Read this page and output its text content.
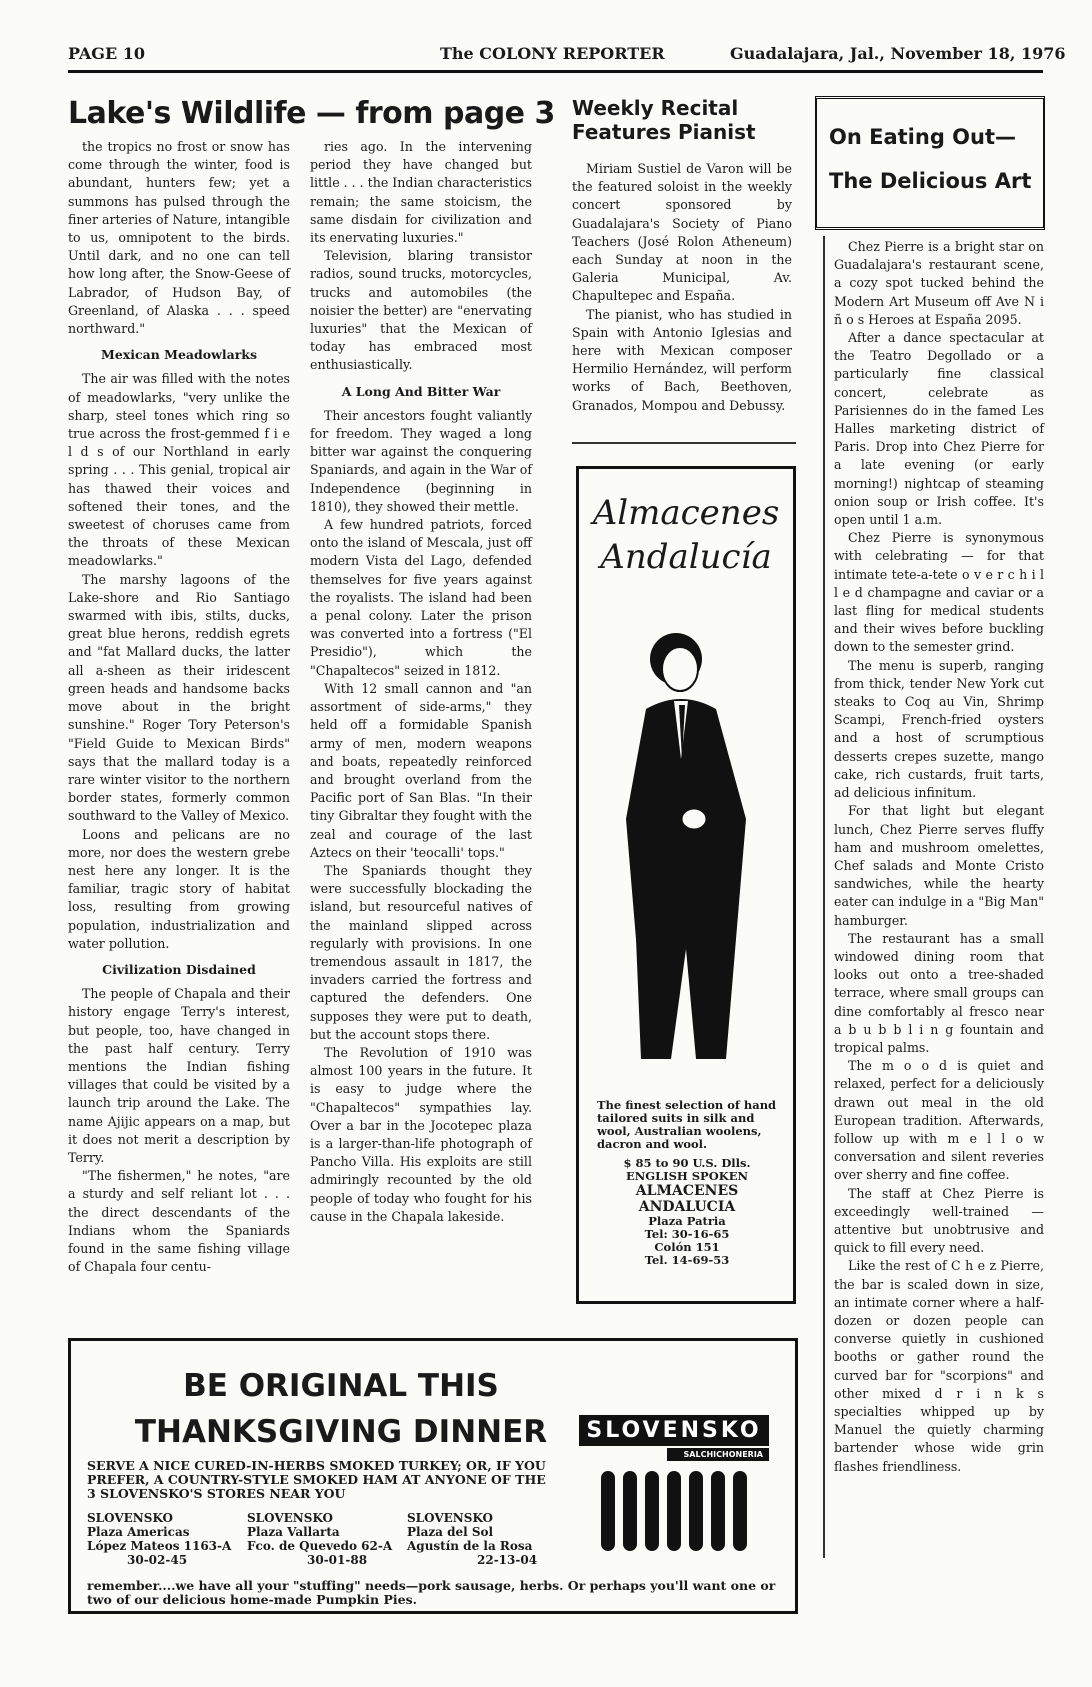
PAGE 10	The COLONY REPORTER	Guadalajara, Jal., November 18, 1976
Lake's Wildlife — from page 3

the tropics no frost or snow has come through the winter, food is abundant, hunters few; yet a summons has pulsed through the finer arteries of Nature, intangible to us, omnipotent to the birds. Until dark, and no one can tell how long after, the Snow-Geese of Labrador, of Hudson Bay, of Greenland, of Alaska . . . speed northward."

Mexican Meadowlarks

The air was filled with the notes of meadowlarks, "very unlike the sharp, steel tones which ring so true across the frost-gemmed f i e l d s of our Northland in early spring . . . This genial, tropical air has thawed their voices and softened their tones, and the sweetest of choruses came from the throats of these Mexican meadowlarks."

The marshy lagoons of the Lake-shore and Rio Santiago swarmed with ibis, stilts, ducks, great blue herons, reddish egrets and "fat Mallard ducks, the latter all a-sheen as their iridescent green heads and handsome backs move about in the bright sunshine." Roger Tory Peterson's "Field Guide to Mexican Birds" says that the mallard today is a rare winter visitor to the northern border states, formerly common southward to the Valley of Mexico.

Loons and pelicans are no more, nor does the western grebe nest here any longer. It is the familiar, tragic story of habitat loss, resulting from growing population, industrialization and water pollution.

Civilization Disdained

The people of Chapala and their history engage Terry's interest, but people, too, have changed in the past half century. Terry mentions the Indian fishing villages that could be visited by a launch trip around the Lake. The name Ajijic appears on a map, but it does not merit a description by Terry.

"The fishermen," he notes, "are a sturdy and self reliant lot . . . the direct descendants of the Indians whom the Spaniards found in the same fishing village of Chapala four centu-

ries ago. In the intervening period they have changed but little . . . the Indian characteristics remain; the same stoicism, the same disdain for civilization and its enervating luxuries."

Television, blaring transistor radios, sound trucks, motorcycles, trucks and automobiles (the noisier the better) are "enervating luxuries" that the Mexican of today has embraced most enthusiastically.

A Long And Bitter War

Their ancestors fought valiantly for freedom. They waged a long bitter war against the conquering Spaniards, and again in the War of Independence (beginning in 1810), they showed their mettle.

A few hundred patriots, forced onto the island of Mescala, just off modern Vista del Lago, defended themselves for five years against the royalists. The island had been a penal colony. Later the prison was converted into a fortress ("El Presidio"), which the "Chapaltecos" seized in 1812.

With 12 small cannon and "an assortment of side-arms," they held off a formidable Spanish army of men, modern weapons and boats, repeatedly reinforced and brought overland from the Pacific port of San Blas. "In their tiny Gibraltar they fought with the zeal and courage of the last Aztecs on their 'teocalli' tops."

The Spaniards thought they were successfully blockading the island, but resourceful natives of the mainland slipped across regularly with provisions. In one tremendous assault in 1817, the invaders carried the fortress and captured the defenders. One supposes they were put to death, but the account stops there.

The Revolution of 1910 was almost 100 years in the future. It is easy to judge where the "Chapaltecos" sympathies lay. Over a bar in the Jocotepec plaza is a larger-than-life photograph of Pancho Villa. His exploits are still admiringly recounted by the old people of today who fought for his cause in the Chapala lakeside.

Weekly Recital Features Pianist

Miriam Sustiel de Varon will be the featured soloist in the weekly concert sponsored by Guadalajara's Society of Piano Teachers (José Rolon Atheneum) each Sunday at noon in the Galeria Municipal, Av. Chapultepec and España.

The pianist, who has studied in Spain with Antonio Iglesias and here with Mexican composer Hermilio Hernández, will perform works of Bach, Beethoven, Granados, Mompou and Debussy.

Almacenes
Andalucía
The finest selection of hand tailored suits in silk and wool, Australian woolens, dacron and wool.
$ 85 to 90 U.S. Dlls.
ENGLISH SPOKEN
ALMACENES
ANDALUCIA
Plaza Patria
Tel: 30-16-65
Colón 151
Tel. 14-69-53
On Eating Out—
The Delicious Art

Chez Pierre is a bright star on Guadalajara's restaurant scene, a cozy spot tucked behind the Modern Art Museum off Ave N i ñ o s Heroes at España 2095.

After a dance spectacular at the Teatro Degollado or a particularly fine classical concert, celebrate as Parisiennes do in the famed Les Halles marketing district of Paris. Drop into Chez Pierre for a late evening (or early morning!) nightcap of steaming onion soup or Irish coffee. It's open until 1 a.m.

Chez Pierre is synonymous with celebrating — for that intimate tete-a-tete o v e r c h i l l e d champagne and caviar or a last fling for medical students and their wives before buckling down to the semester grind.

The menu is superb, ranging from thick, tender New York cut steaks to Coq au Vin, Shrimp Scampi, French-fried oysters and a host of scrumptious desserts crepes suzette, mango cake, rich custards, fruit tarts, ad delicious infinitum.

For that light but elegant lunch, Chez Pierre serves fluffy ham and mushroom omelettes, Chef salads and Monte Cristo sandwiches, while the hearty eater can indulge in a "Big Man" hamburger.

The restaurant has a small windowed dining room that looks out onto a tree-shaded terrace, where small groups can dine comfortably al fresco near a b u b b l i n g fountain and tropical palms.

The m o o d is quiet and relaxed, perfect for a deliciously drawn out meal in the old European tradition. Afterwards, follow up with m e l l o w conversation and silent reveries over sherry and fine coffee.

The staff at Chez Pierre is exceedingly well-trained — attentive but unobtrusive and quick to fill every need.

Like the rest of C h e z Pierre, the bar is scaled down in size, an intimate corner where a half-dozen or dozen people can converse quietly in cushioned booths or gather round the curved bar for "scorpions" and other mixed d r i n k s specialties whipped up by Manuel the quietly charming bartender whose wide grin flashes friendliness.

BE ORIGINAL THIS
THANKSGIVING DINNER
SERVE A NICE CURED-IN-HERBS SMOKED TURKEY; OR, IF YOU PREFER, A COUNTRY-STYLE SMOKED HAM AT ANYONE OF THE 3 SLOVENSKO'S STORES NEAR YOU
SLOVENSKO
Plaza Americas
López Mateos 1163-A
30-02-45
SLOVENSKO
Plaza Vallarta
Fco. de Quevedo 62-A
30-01-88
SLOVENSKO
Plaza del Sol
Agustín de la Rosa
22-13-04
remember....we have all your "stuffing" needs—pork sausage, herbs. Or perhaps you'll want one or two of our delicious home-made Pumpkin Pies.
SLOVENSKO
SALCHICHONERIA
